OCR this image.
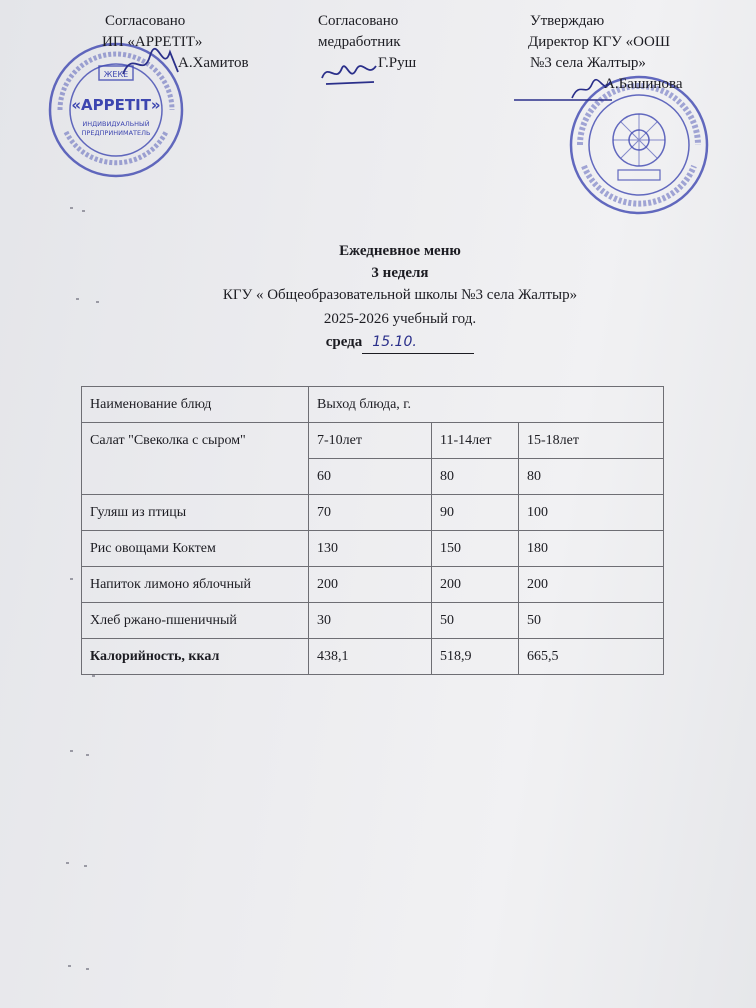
ЖЕКЕ
«APPETIT»
ИНДИВИДУАЛЬНЫЙ
ПРЕДПРИНИМАТЕЛЬ
Согласовано
ИП «APPETIT»
А.Хамитов
Согласовано
медработник
Г.Руш
Утверждаю
Директор КГУ «ООШ
№3 села Жалтыр»
А.Башинова
Ежедневное меню
3 неделя
КГУ « Общеобразовательной школы №3 села Жалтыр»
2025-2026 учебный год.
среда 15.10.
Наименование блюд	Выход блюда, г.		
Салат "Свеколка с сыром"	7-10лет	11-14лет	15-18лет
	60	80	80
Гуляш из птицы	70	90	100
Рис овощами Коктем	130	150	180
Напиток лимоно яблочный	200	200	200
Хлеб ржано-пшеничный	30	50	50
Калорийность, ккал	438,1	518,9	665,5
